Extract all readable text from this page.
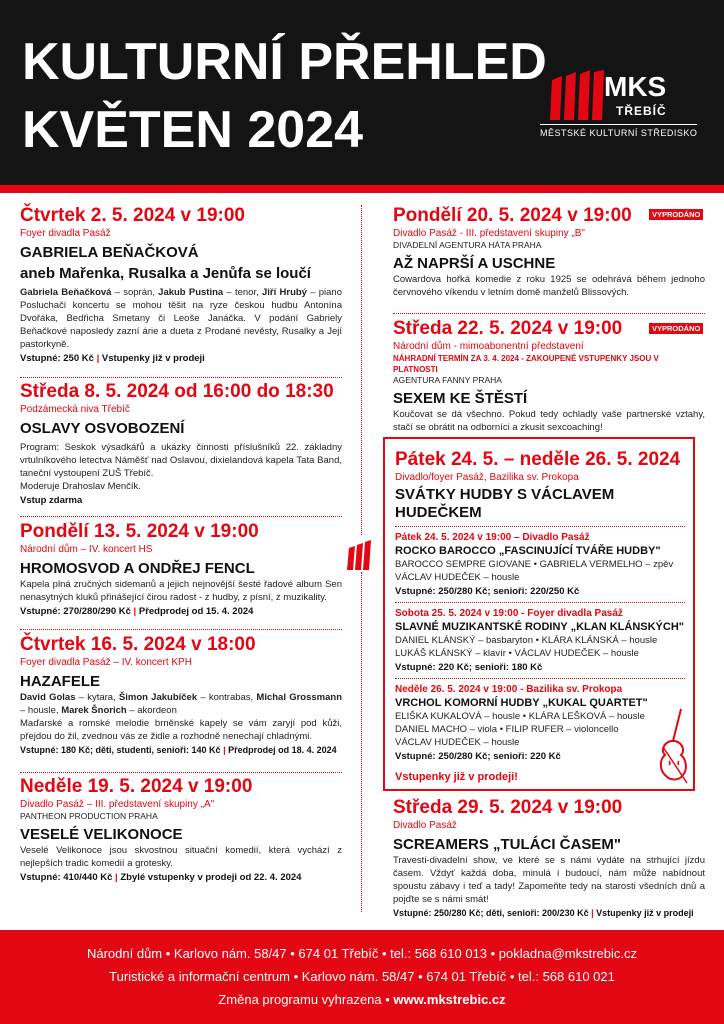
KULTURNÍ PŘEHLED
KVĚTEN 2024
MKS
TŘEBÍČ
MĚSTSKÉ KULTURNÍ STŘEDISKO
Čtvrtek 2. 5. 2024 v 19:00
Foyer divadla Pasáž
GABRIELA BEŇAČKOVÁ
aneb Mařenka, Rusalka a Jenůfa se loučí
Gabriela Beňačková – soprán, Jakub Pustina – tenor, Jiří Hrubý – piano Posluchači koncertu se mohou těšit na ryze českou hudbu Antonína Dvořáka, Bedřicha Smetany či Leoše Janáčka. V podání Gabriely Beňačkové naposledy zazní árie a dueta z Prodané nevěsty, Rusalky a Její pastorkyně.
Vstupné: 250 Kč | Vstupenky již v prodeji
Středa 8. 5. 2024 od 16:00 do 18:30
Podzámecká niva Třebíč
OSLAVY OSVOBOZENÍ
Program: Seskok výsadkářů a ukázky činnosti příslušníků 22. základny vrtulníkového letectva Náměšť nad Oslavou, dixielandová kapela Tata Band, taneční vystoupení ZUŠ Třebíč.
Moderuje Drahoslav Menčík.
Vstup zdarma
Pondělí 13. 5. 2024 v 19:00
Národní dům – IV. koncert HS
HROMOSVOD A ONDŘEJ FENCL
Kapela plná zručných sidemanů a jejich nejnovější šesté řadové album Sen nenasytných kluků přinášející čirou radost - z hudby, z písní, z muzikality.
Vstupné: 270/280/290 Kč | Předprodej od 15. 4. 2024
Čtvrtek 16. 5. 2024 v 18:00
Foyer divadla Pasáž – IV. koncert KPH
HAZAFELE
David Golas – kytara, Šimon Jakubíček – kontrabas, Michal Grossmann – housle, Marek Šnorich – akordeon
Maďarské a romské melodie brněnské kapely se vám zaryjí pod kůži, přejdou do žil, zvednou vás ze židle a rozhodně nenechají chladnými.
Vstupné: 180 Kč; děti, studenti, senioři: 140 Kč | Předprodej od 18. 4. 2024
Neděle 19. 5. 2024 v 19:00
Divadlo Pasáž – III. představení skupiny „A"
PANTHEON PRODUCTION PRAHA
VESELÉ VELIKONOCE
Veselé Velikonoce jsou skvostnou situační komedií, která vychází z nejlepších tradic komedií a grotesky.
Vstupné: 410/440 Kč | Zbylé vstupenky v prodeji od 22. 4. 2024
Pondělí 20. 5. 2024 v 19:00
Divadlo Pasáž - III. představení skupiny „B"
DIVADELNÍ AGENTURA HÁTA PRAHA
AŽ NAPRŠÍ A USCHNE
Cowardova hořká komedie z roku 1925 se odehrává během jednoho červnového víkendu v letním domě manželů Blissových.
VYPRODÁNO
Středa 22. 5. 2024 v 19:00
Národní dům - mimoabonentní představení
NÁHRADNÍ TERMÍN ZA 3. 4. 2024 - ZAKOUPENÉ VSTUPENKY JSOU V PLATNOSTI
AGENTURA FANNY PRAHA
SEXEM KE ŠTĚSTÍ
Koučovat se dá všechno. Pokud tedy ochladly vaše partnerské vztahy, stačí se obrátit na odborníci a zkusit sexcoaching!
VYPRODÁNO
Pátek 24. 5. – neděle 26. 5. 2024
Divadlo/foyer Pasáž, Bazilika sv. Prokopa
SVÁTKY HUDBY S VÁCLAVEM HUDEČKEM
Pátek 24. 5. 2024 v 19:00 – Divadlo Pasáž
ROCKO BAROCCO „FASCINUJÍCÍ TVÁŘE HUDBY"
BAROCCO SEMPRE GIOVANE • GABRIELA VERMELHO – zpěv
VÁCLAV HUDEČEK – housle
Vstupné: 250/280 Kč; senioři: 220/250 Kč
Sobota 25. 5. 2024 v 19:00 - Foyer divadla Pasáž
SLAVNÉ MUZIKANTSKÉ RODINY „KLAN KLÁNSKÝCH"
DANIEL KLÁNSKÝ – basbaryton • KLÁRA KLÁNSKÁ – housle
LUKÁŠ KLÁNSKÝ – klavír • VÁCLAV HUDEČEK – housle
Vstupné: 220 Kč; senioři: 180 Kč
Neděle 26. 5. 2024 v 19:00 - Bazilika sv. Prokopa
VRCHOL KOMORNÍ HUDBY „KUKAL QUARTET"
ELIŠKA KUKALOVÁ – housle • KLÁRA LEŠKOVÁ – housle
DANIEL MACHO – viola • FILIP RUFER – violoncello
VÁCLAV HUDEČEK – housle
Vstupné: 250/280 Kč; senioři: 220 Kč
Vstupenky již v prodeji!
Středa 29. 5. 2024 v 19:00
Divadlo Pasáž
SCREAMERS „TULÁCI ČASEM"
Travesti-divadelní show, ve které se s námi vydáte na strhující jízdu časem. Vždyť každá doba, minulá i budoucí, nám může nabídnout spoustu zábavy i teď a tady! Zapomeňte tedy na starosti všedních dnů a pojďte se s námi smát!
Vstupné: 250/280 Kč; děti, senioři: 200/230 Kč | Vstupenky již v prodeji
Národní dům • Karlovo nám. 58/47 • 674 01 Třebíč • tel.: 568 610 013 • pokladna@mkstrebic.cz
Turistické a informační centrum • Karlovo nám. 58/47 • 674 01 Třebíč • tel.: 568 610 021
Změna programu vyhrazena • www.mkstrebic.cz
